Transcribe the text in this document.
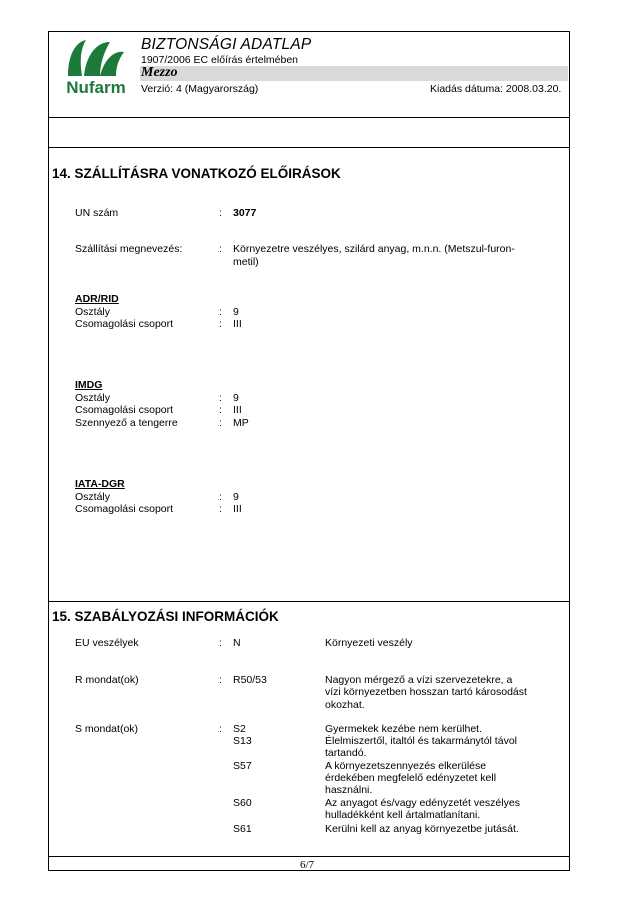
Nufarm
BIZTONSÁGI ADATLAP
1907/2006 EC előírás értelmében
Mezzo
Verzió: 4 (Magyarország)	Kiadás dátuma: 2008.03.20.
14. SZÁLLÍTÁSRA VONATKOZÓ ELŐIRÁSOK
UN szám	: 3077
Szállítási megnevezés:	: Környezetre veszélyes, szilárd anyag, m.n.n. (Metszul-furon-
metil)
ADR/RID
Osztály	: 9
Csomagolási csoport	: III
IMDG
Osztály	: 9
Csomagolási csoport	: III
Szennyező a tengerre	: MP
IATA-DGR
Osztály	: 9
Csomagolási csoport	: III
15. SZABÁLYOZÁSI INFORMÁCIÓK
EU veszélyek	: N	Környezeti veszély
R mondat(ok)	: R50/53	Nagyon mérgező a vízi szervezetekre, a
vízi környezetben hosszan tartó károsodást
okozhat.
S mondat(ok)	: S2	Gyermekek kezébe nem kerülhet.
S13	Élelmiszertől, italtól és takarmánytól távol
tartandó.
S57	A környezetszennyezés elkerülése
érdekében megfelelő edényzetet kell
használni.
S60	Az anyagot és/vagy edényzetét veszélyes
hulladékként kell ártalmatlanítani.
S61	Kerülni kell az anyag környezetbe jutását.
6/7
